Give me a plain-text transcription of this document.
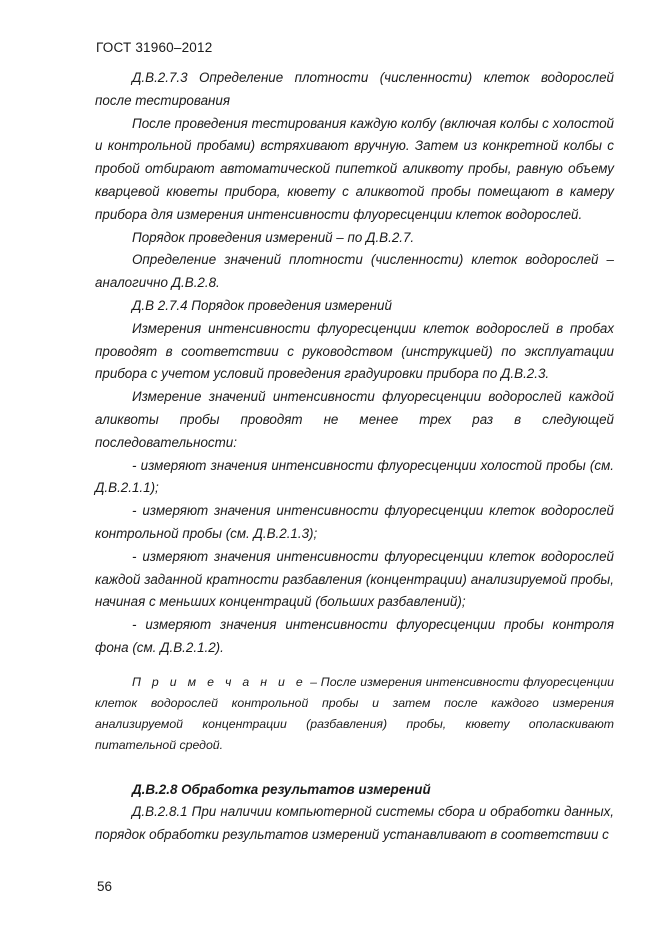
ГОСТ 31960–2012

Д.В.2.7.3 Определение плотности (численности) клеток водорослей после тестирования

После проведения тестирования каждую колбу (включая колбы с холостой и контрольной пробами) встряхивают вручную. Затем из конкретной колбы с пробой отбирают автоматической пипеткой аликвоту пробы, равную объему кварцевой кюветы прибора, кювету с аликвотой пробы помещают в камеру прибора для измерения интенсивности флуоресценции клеток водорослей.

Порядок проведения измерений – по Д.В.2.7.

Определение значений плотности (численности) клеток водорослей – аналогично Д.В.2.8.

Д.В 2.7.4 Порядок проведения измерений

Измерения интенсивности флуоресценции клеток водорослей в пробах проводят в соответствии с руководством (инструкцией) по эксплуатации прибора с учетом условий проведения градуировки прибора по Д.В.2.3.

Измерение значений интенсивности флуоресценции водорослей каждой аликвоты пробы проводят не менее трех раз в следующей последовательности:

- измеряют значения интенсивности флуоресценции холостой пробы (см. Д.В.2.1.1);

- измеряют значения интенсивности флуоресценции клеток водорослей контрольной пробы (см. Д.В.2.1.3);

- измеряют значения интенсивности флуоресценции клеток водорослей каждой заданной кратности разбавления (концентрации) анализируемой пробы, начиная с меньших концентраций (больших разбавлений);

- измеряют значения интенсивности флуоресценции пробы контроля фона (см. Д.В.2.1.2).

П р и м е ч а н и е – После измерения интенсивности флуоресценции клеток водорослей контрольной пробы и затем после каждого измерения анализируемой концентрации (разбавления) пробы, кювету ополаскивают питательной средой.

Д.В.2.8 Обработка результатов измерений

Д.В.2.8.1 При наличии компьютерной системы сбора и обработки данных, порядок обработки результатов измерений устанавливают в соответствии с

56
